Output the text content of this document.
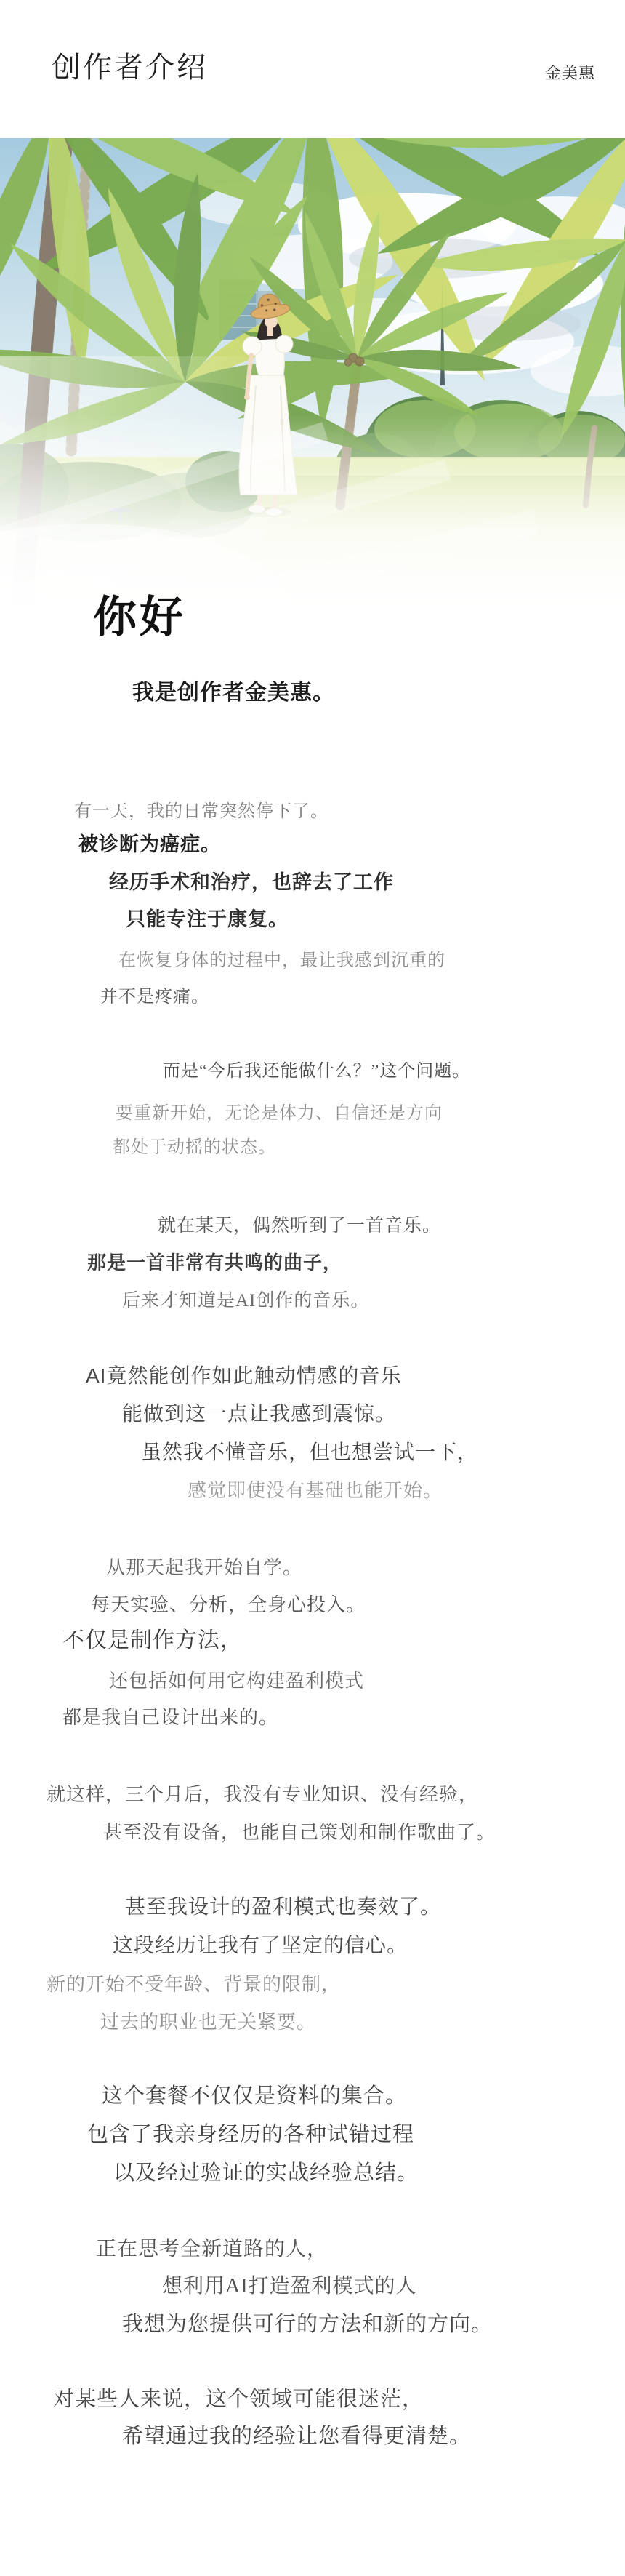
创作者介绍	金美惠
你好
我是创作者金美惠。
有一天，我的日常突然停下了。
被诊断为癌症。
经历手术和治疗，也辞去了工作
只能专注于康复。
在恢复身体的过程中，最让我感到沉重的
并不是疼痛。
而是“今后我还能做什么？”这个问题。
要重新开始，无论是体力、自信还是方向
都处于动摇的状态。
就在某天，偶然听到了一首音乐。
那是一首非常有共鸣的曲子，
后来才知道是AI创作的音乐。
AI竟然能创作如此触动情感的音乐
能做到这一点让我感到震惊。
虽然我不懂音乐，但也想尝试一下，
感觉即使没有基础也能开始。
从那天起我开始自学。
每天实验、分析，全身心投入。
不仅是制作方法，
还包括如何用它构建盈利模式
都是我自己设计出来的。
就这样，三个月后，我没有专业知识、没有经验，
甚至没有设备，也能自己策划和制作歌曲了。
甚至我设计的盈利模式也奏效了。
这段经历让我有了坚定的信心。
新的开始不受年龄、背景的限制，
过去的职业也无关紧要。
这个套餐不仅仅是资料的集合。
包含了我亲身经历的各种试错过程
以及经过验证的实战经验总结。
正在思考全新道路的人，
想利用AI打造盈利模式的人
我想为您提供可行的方法和新的方向。
对某些人来说，这个领域可能很迷茫，
希望通过我的经验让您看得更清楚。
